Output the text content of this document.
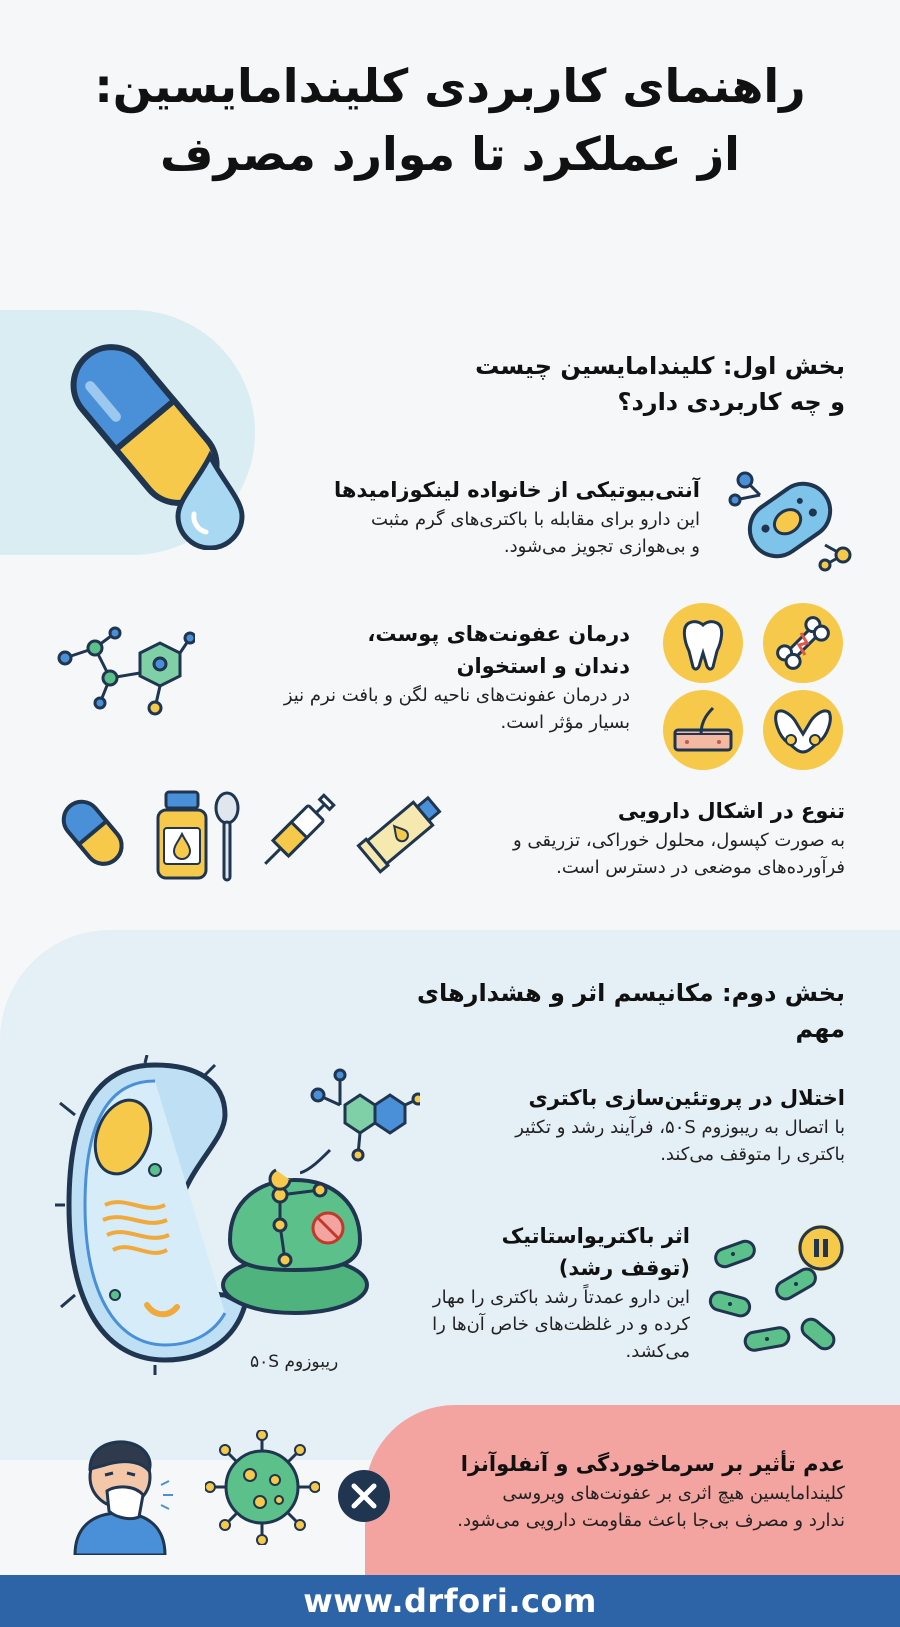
راهنمای کاربردی کلیندامایسین:
از عملکرد تا موارد مصرف
بخش اول: کلیندامایسین چیست
و چه کاربردی دارد؟
آنتی‌بیوتیکی از خانواده لینکوزامیدها
این دارو برای مقابله با باکتری‌های گرم مثبت
و بی‌هوازی تجویز می‌شود.
درمان عفونت‌های پوست،
دندان و استخوان
در درمان عفونت‌های ناحیه لگن و بافت نرم نیز
بسیار مؤثر است.
تنوع در اشکال دارویی
به صورت کپسول، محلول خوراکی، تزریقی و
فرآورده‌های موضعی در دسترس است.
بخش دوم: مکانیسم اثر و هشدارهای
مهم
ریبوزوم ۵۰S
اختلال در پروتئین‌سازی باکتری
با اتصال به ریبوزوم ۵۰S، فرآیند رشد و تکثیر
باکتری را متوقف می‌کند.
اثر باکتریواستاتیک
(توقف رشد)
این دارو عمدتاً رشد باکتری را مهار
کرده و در غلظت‌های خاص آن‌ها را
می‌کشد.
عدم تأثیر بر سرماخوردگی و آنفلوآنزا
کلیندامایسین هیچ اثری بر عفونت‌های ویروسی
ندارد و مصرف بی‌جا باعث مقاومت دارویی می‌شود.
www.drfori.com
